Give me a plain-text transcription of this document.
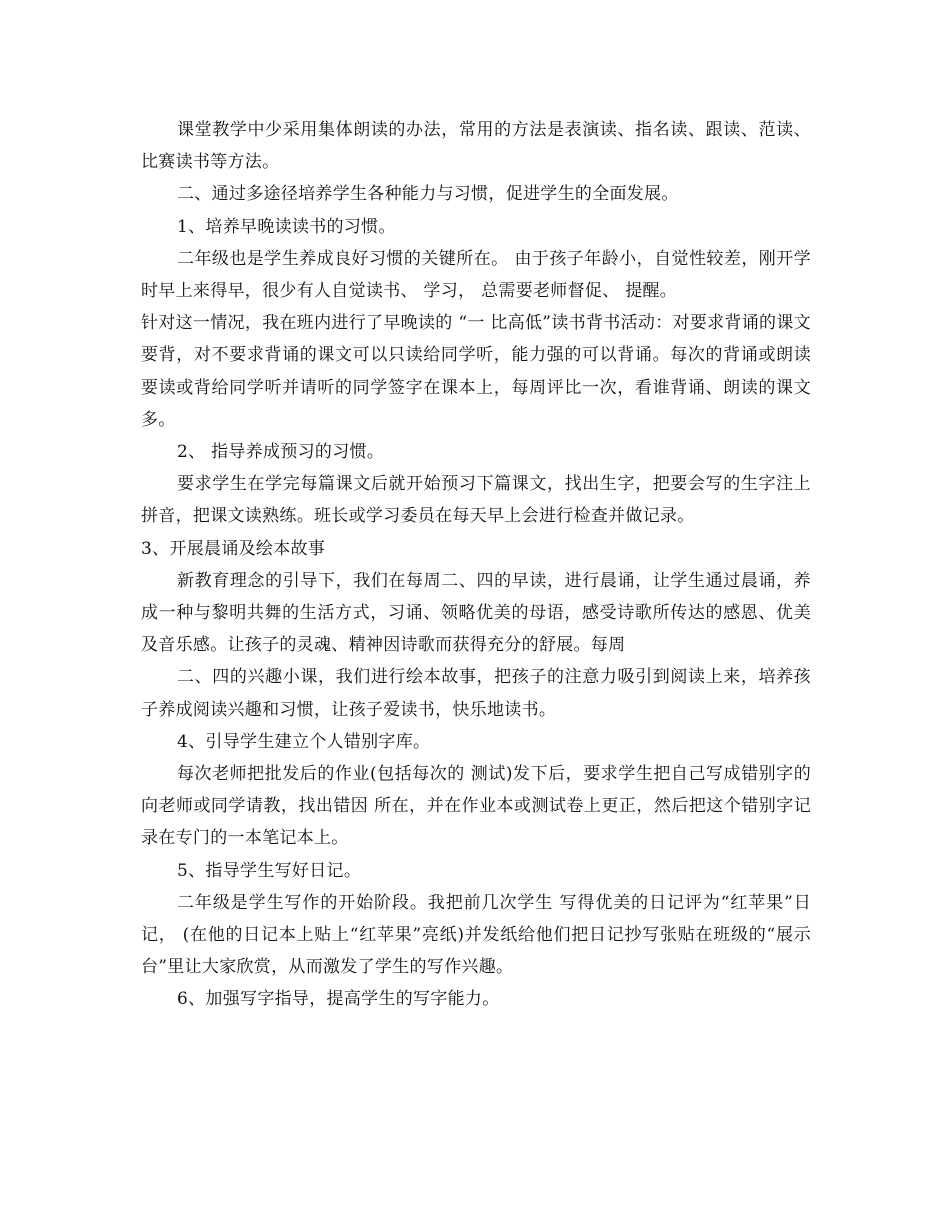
课堂教学中少采用集体朗读的办法，常用的方法是表演读、指名读、跟读、范读、比赛读书等方法。

二、通过多途径培养学生各种能力与习惯，促进学生的全面发展。

1、培养早晚读读书的习惯。

二年级也是学生养成良好习惯的关键所在。 由于孩子年龄小，自觉性较差，刚开学时早上来得早，很少有人自觉读书、 学习， 总需要老师督促、 提醒。

针对这一情况，我在班内进行了早晚读的 “一 比高低”读书背书活动：对要求背诵的课文要背，对不要求背诵的课文可以只读给同学听，能力强的可以背诵。每次的背诵或朗读要读或背给同学听并请听的同学签字在课本上，每周评比一次，看谁背诵、朗读的课文多。

2、 指导养成预习的习惯。

要求学生在学完每篇课文后就开始预习下篇课文，找出生字，把要会写的生字注上拼音，把课文读熟练。班长或学习委员在每天早上会进行检查并做记录。

3、开展晨诵及绘本故事

新教育理念的引导下，我们在每周二、四的早读，进行晨诵，让学生通过晨诵，养成一种与黎明共舞的生活方式，习诵、领略优美的母语，感受诗歌所传达的感恩、优美及音乐感。让孩子的灵魂、精神因诗歌而获得充分的舒展。每周

二、四的兴趣小课，我们进行绘本故事，把孩子的注意力吸引到阅读上来，培养孩子养成阅读兴趣和习惯，让孩子爱读书，快乐地读书。

4、引导学生建立个人错别字库。

每次老师把批发后的作业(包括每次的 测试)发下后，要求学生把自己写成错别字的向老师或同学请教，找出错因 所在，并在作业本或测试卷上更正，然后把这个错别字记录在专门的一本笔记本上。

5、指导学生写好日记。

二年级是学生写作的开始阶段。我把前几次学生 写得优美的日记评为“红苹果”日记， (在他的日记本上贴上“红苹果”亮纸)并发纸给他们把日记抄写张贴在班级的“展示台”里让大家欣赏，从而激发了学生的写作兴趣。

6、加强写字指导，提高学生的写字能力。
